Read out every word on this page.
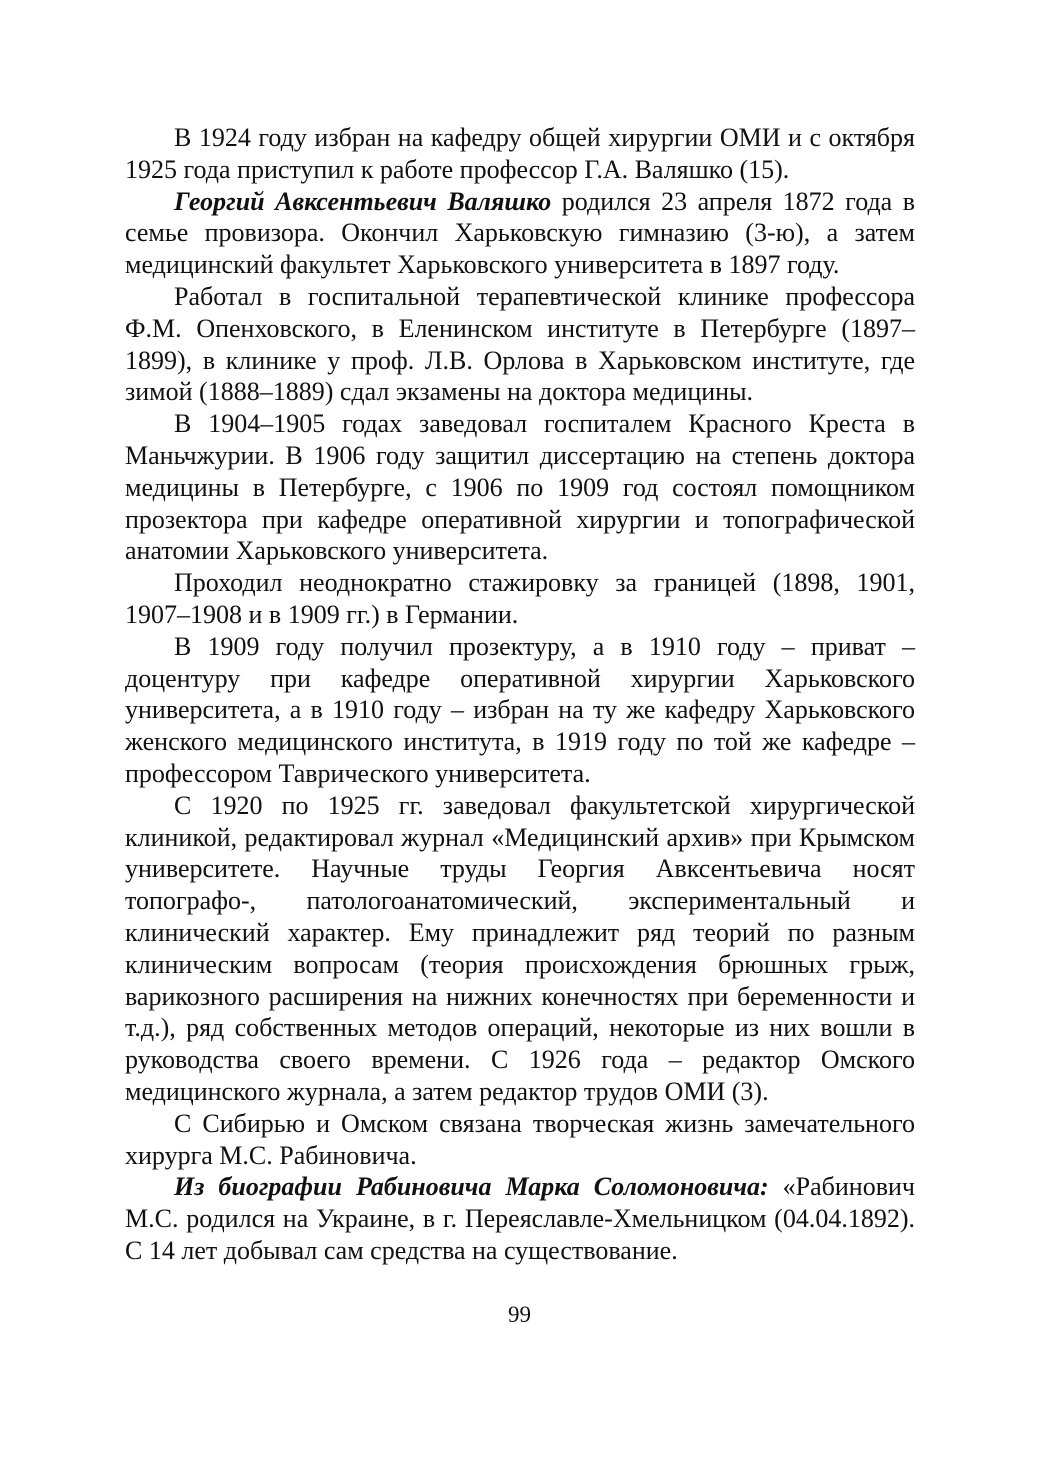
В 1924 году избран на кафедру общей хирургии ОМИ и с октября 1925 года приступил к работе профессор Г.А. Валяшко (15).

Георгий Авксентьевич Валяшко родился 23 апреля 1872 года в семье провизора. Окончил Харьковскую гимназию (3-ю), а затем медицинский факультет Харьковского университета в 1897 году.

Работал в госпитальной терапевтической клинике профессора Ф.М. Опенховского, в Еленинском институте в Петербурге (1897–1899), в клинике у проф. Л.В. Орлова в Харьковском институте, где зимой (1888–1889) сдал экзамены на доктора медицины.

В 1904–1905 годах заведовал госпиталем Красного Креста в Маньчжурии. В 1906 году защитил диссертацию на степень доктора медицины в Петербурге, с 1906 по 1909 год состоял помощником прозектора при кафедре оперативной хирургии и топографической анатомии Харьковского университета.

Проходил неоднократно стажировку за границей (1898, 1901, 1907–1908 и в 1909 гг.) в Германии.

В 1909 году получил прозектуру, а в 1910 году – приват – доцентуру при кафедре оперативной хирургии Харьковского университета, а в 1910 году – избран на ту же кафедру Харьковского женского медицинского института, в 1919 году по той же кафедре – профессором Таврического университета.

С 1920 по 1925 гг. заведовал факультетской хирургической клиникой, редактировал журнал «Медицинский архив» при Крымском университете. Научные труды Георгия Авксентьевича носят топографо-, патологоанатомический, экспериментальный и клинический характер. Ему принадлежит ряд теорий по разным клиническим вопросам (теория происхождения брюшных грыж, варикозного расширения на нижних конечностях при беременности и т.д.), ряд собственных методов операций, некоторые из них вошли в руководства своего времени. С 1926 года – редактор Омского медицинского журнала, а затем редактор трудов ОМИ (3).

С Сибирью и Омском связана творческая жизнь замечательного хирурга М.С. Рабиновича.

Из биографии Рабиновича Марка Соломоновича: «Рабинович М.С. родился на Украине, в г. Переяславле-Хмельницком (04.04.1892). С 14 лет добывал сам средства на существование.

99
